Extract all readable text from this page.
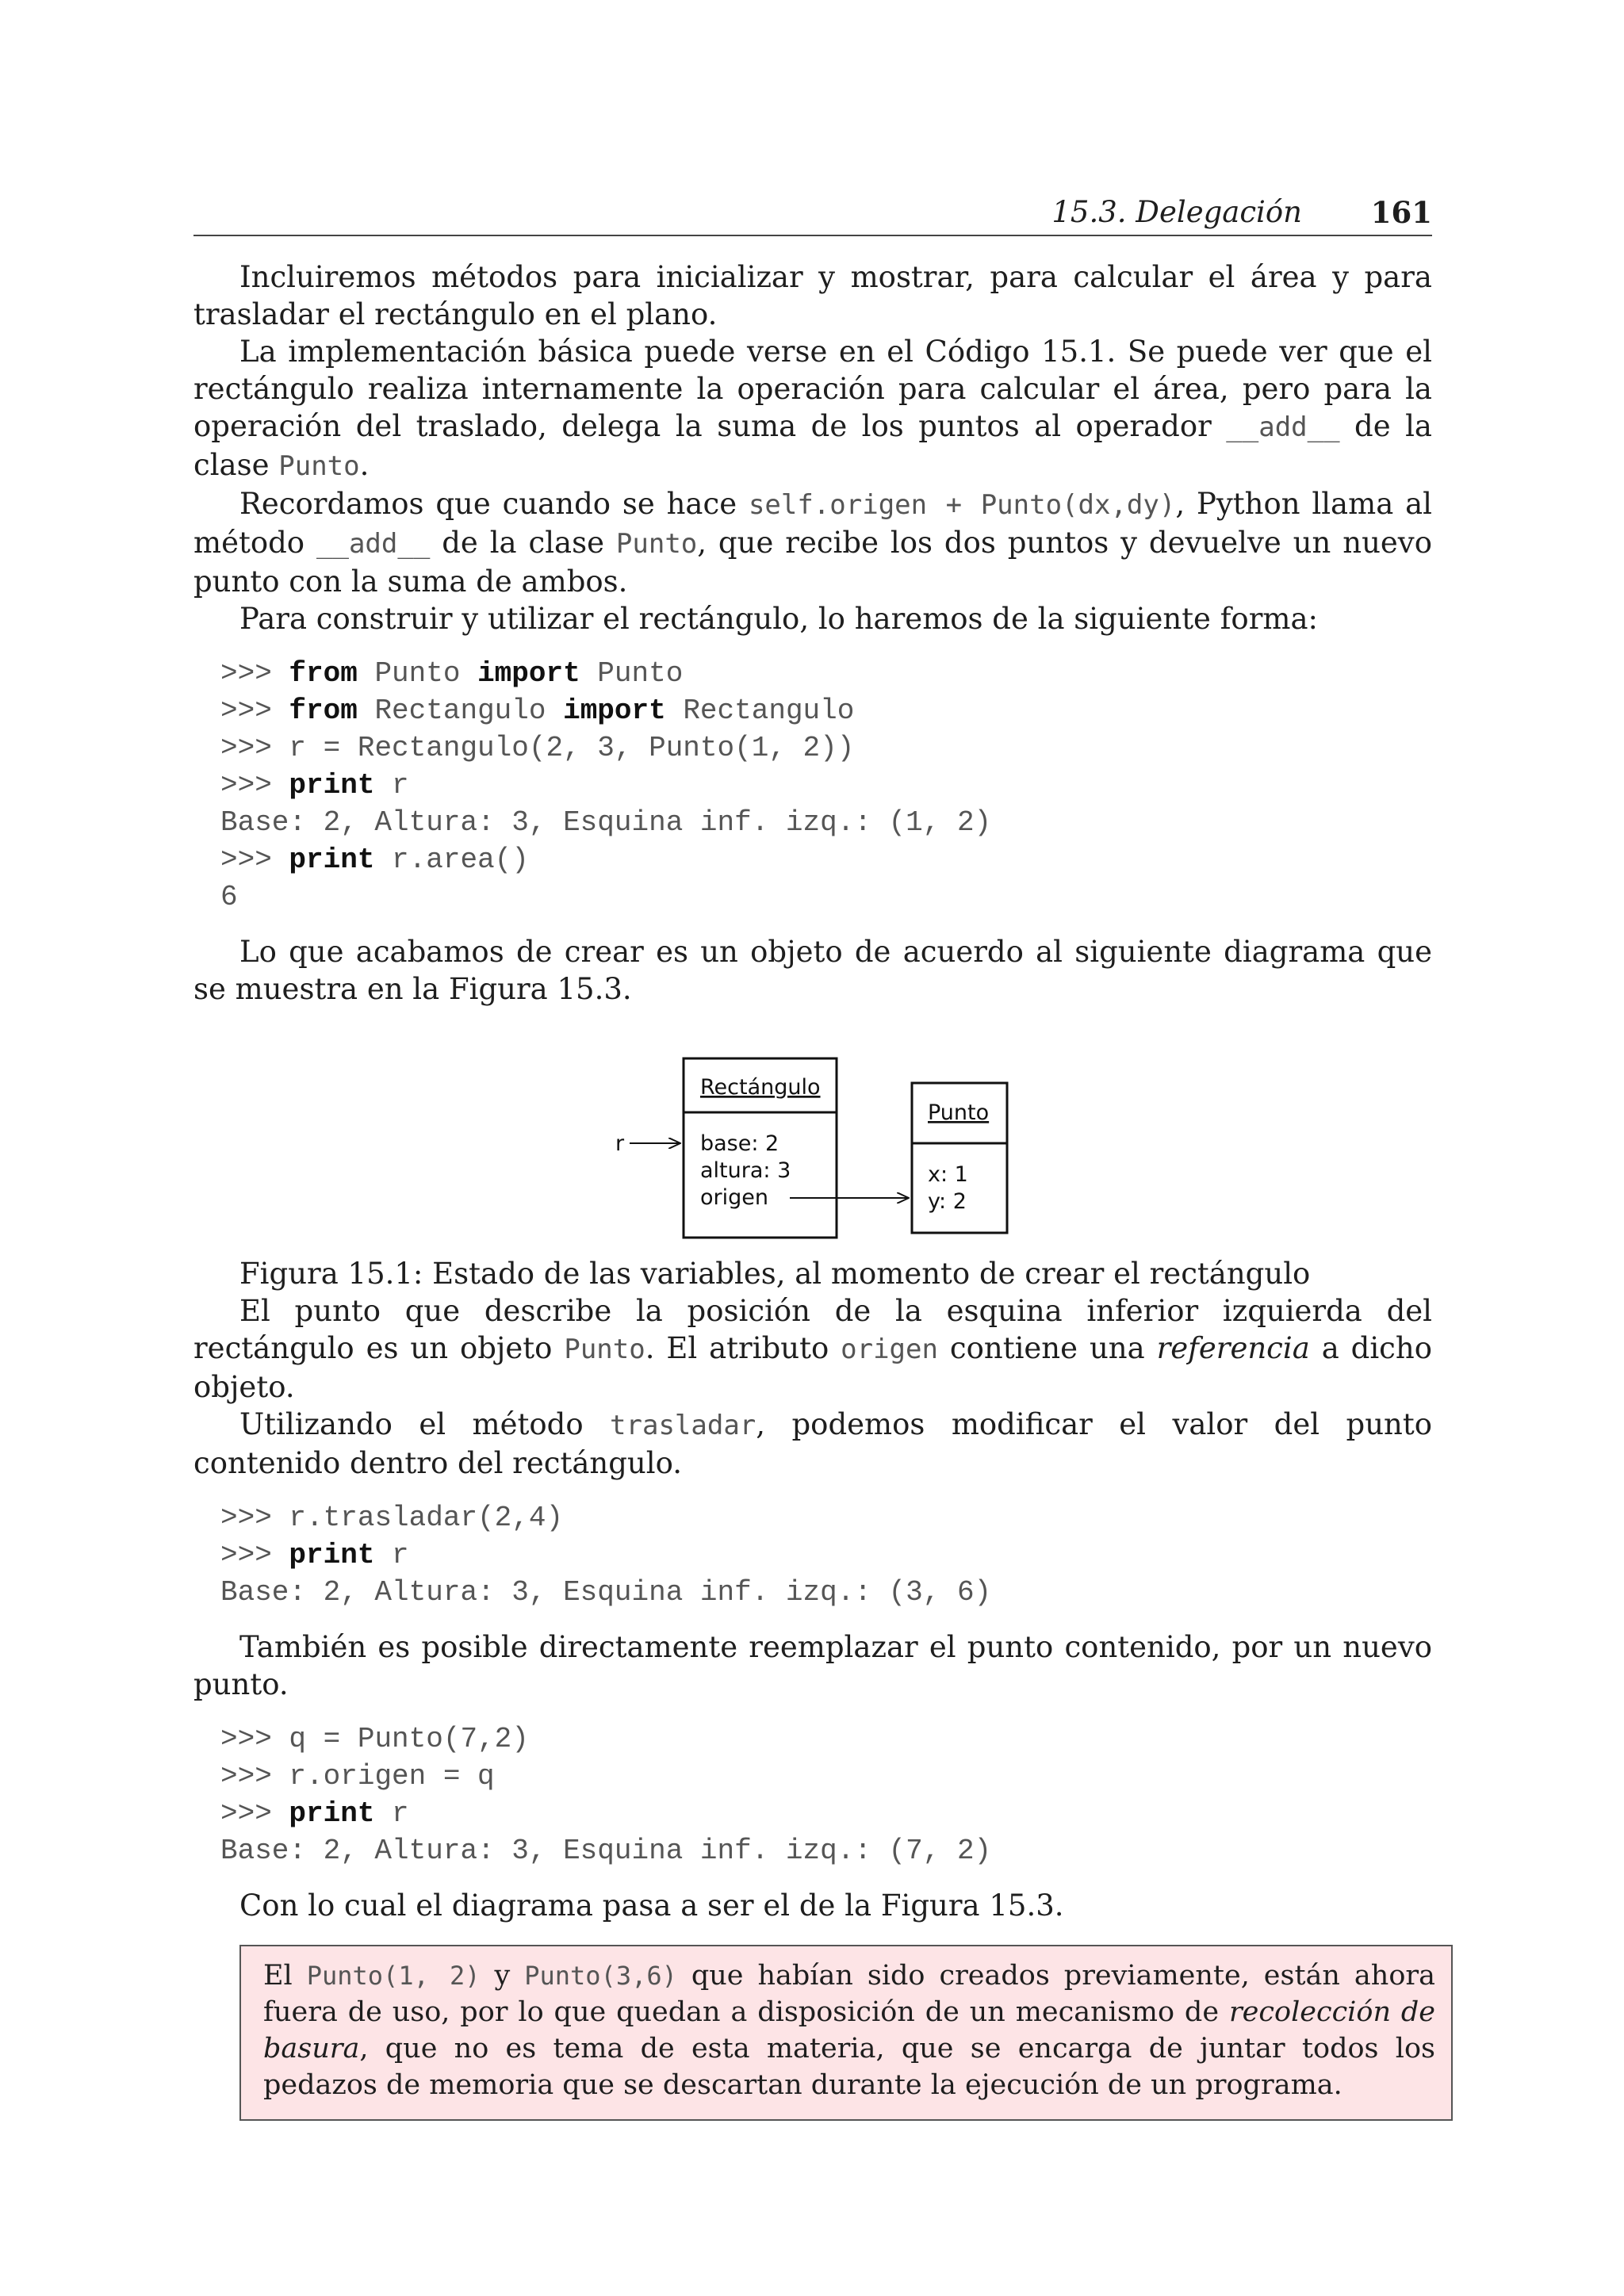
15.3. Delegación 161

Incluiremos métodos para inicializar y mostrar, para calcular el área y para trasladar el rectángulo en el plano.

La implementación básica puede verse en el Código 15.1. Se puede ver que el rectángulo realiza internamente la operación para calcular el área, pero para la operación del traslado, delega la suma de los puntos al operador __add__ de la clase Punto.

Recordamos que cuando se hace self.origen + Punto(dx,dy), Python llama al método __add__ de la clase Punto, que recibe los dos puntos y devuelve un nuevo punto con la suma de ambos.

Para construir y utilizar el rectángulo, lo haremos de la siguiente forma:

>>> from Punto import Punto
>>> from Rectangulo import Rectangulo
>>> r = Rectangulo(2, 3, Punto(1, 2))
>>> print r
Base: 2, Altura: 3, Esquina inf. izq.: (1, 2)
>>> print r.area()
6

Lo que acabamos de crear es un objeto de acuerdo al siguiente diagrama que se muestra en la Figura 15.3.

Rectángulo
base: 2
altura: 3
origen
Punto
x: 1
y: 2
r

Figura 15.1: Estado de las variables, al momento de crear el rectángulo

El punto que describe la posición de la esquina inferior izquierda del rectángulo es un objeto Punto. El atributo origen contiene una referencia a dicho objeto.

Utilizando el método trasladar, podemos modificar el valor del punto contenido dentro del rectángulo.

>>> r.trasladar(2,4)
>>> print r
Base: 2, Altura: 3, Esquina inf. izq.: (3, 6)

También es posible directamente reemplazar el punto contenido, por un nuevo punto.

>>> q = Punto(7,2)
>>> r.origen = q
>>> print r
Base: 2, Altura: 3, Esquina inf. izq.: (7, 2)

Con lo cual el diagrama pasa a ser el de la Figura 15.3.

El Punto(1, 2) y Punto(3,6) que habían sido creados previamente, están ahora fuera de uso, por lo que quedan a disposición de un mecanismo de recolección de basura, que no es tema de esta materia, que se encarga de juntar todos los pedazos de memoria que se descartan durante la ejecución de un programa.
